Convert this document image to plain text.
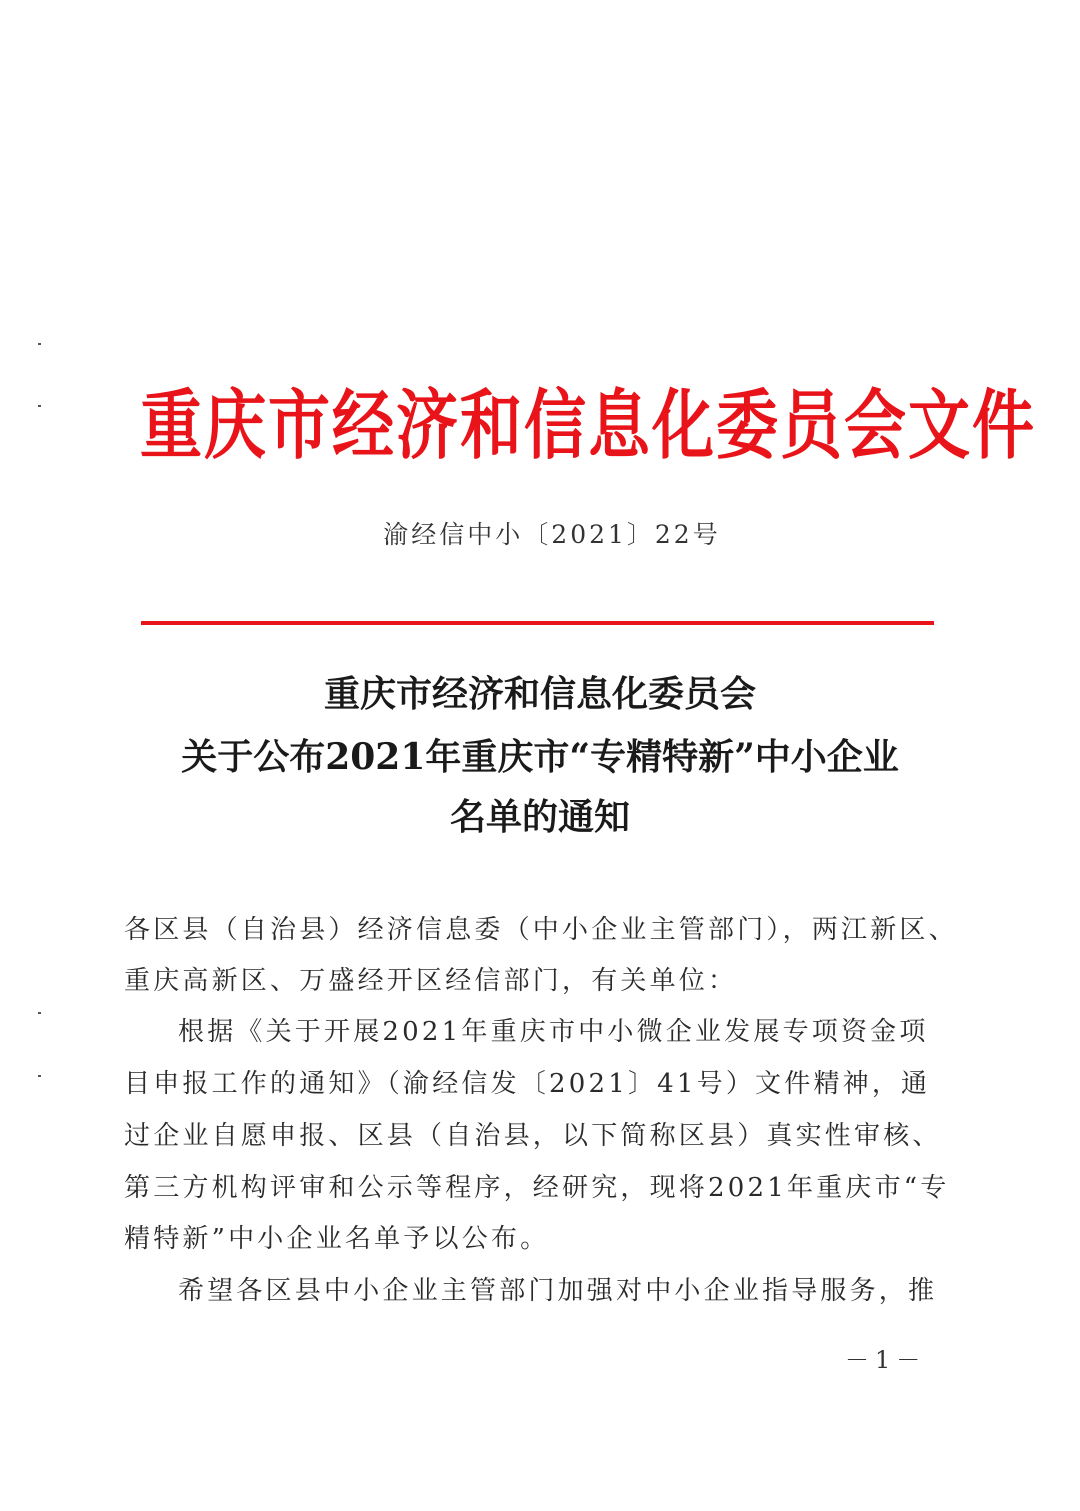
重庆市经济和信息化委员会文件
渝经信中小〔2021〕22号
重庆市经济和信息化委员会
关于公布2021年重庆市“专精特新”中小企业
名单的通知
各区县（自治县）经济信息委（中小企业主管部门），两江新区、
重庆高新区、万盛经开区经信部门，有关单位：
根据《关于开展2021年重庆市中小微企业发展专项资金项
目申报工作的通知》（渝经信发〔2021〕41号）文件精神，通
过企业自愿申报、区县（自治县，以下简称区县）真实性审核、
第三方机构评审和公示等程序，经研究，现将2021年重庆市“专
精特新”中小企业名单予以公布。
希望各区县中小企业主管部门加强对中小企业指导服务，推
－1－
